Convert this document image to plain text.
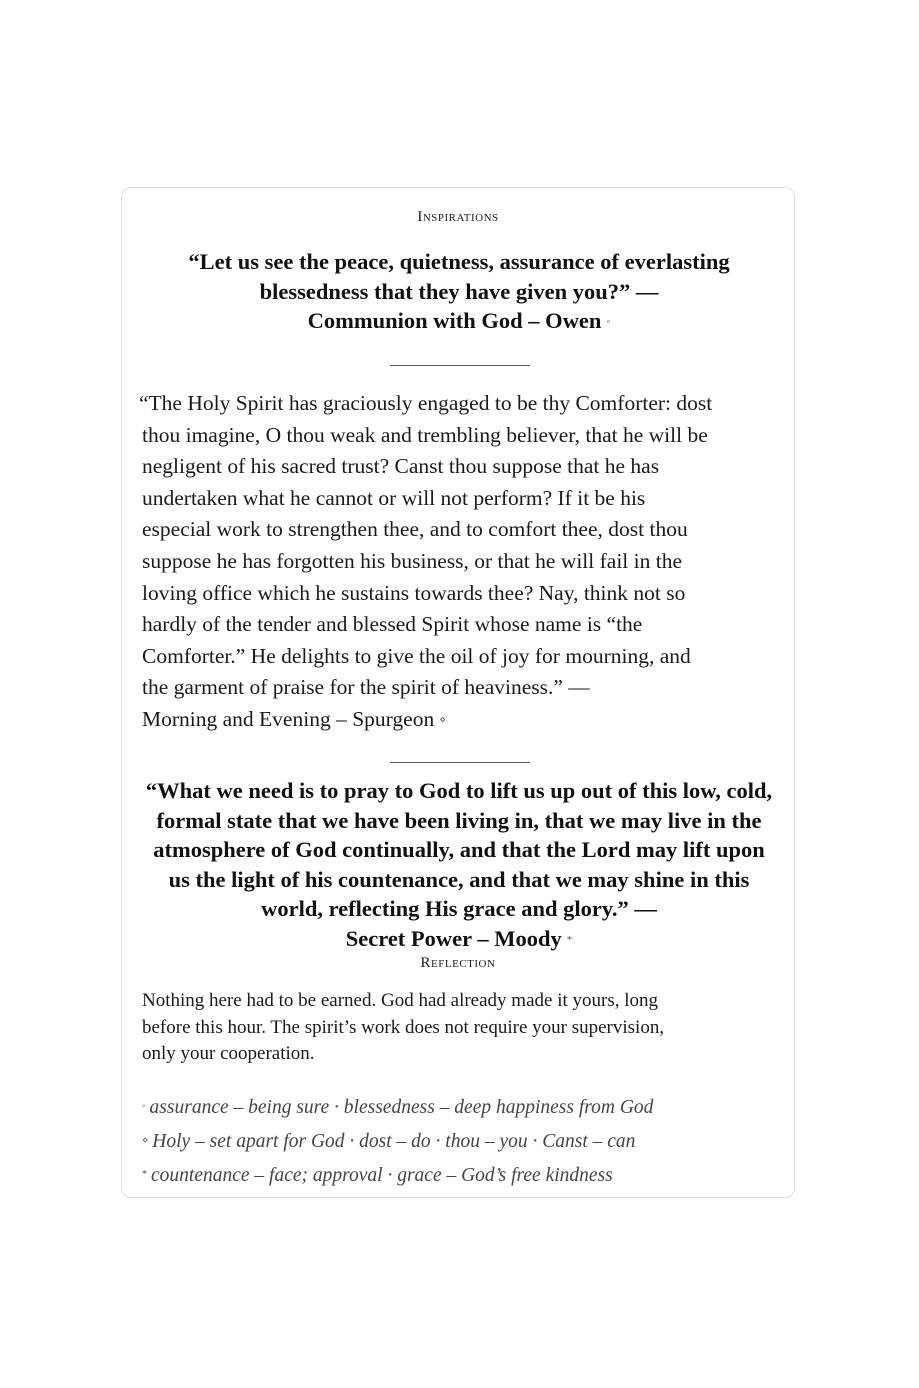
Inspirations
“Let us see the peace, quietness, assurance of everlasting blessedness that they have given you?” —
Communion with God – Owen ◦
“The Holy Spirit has graciously engaged to be thy Comforter: dost
thou imagine, O thou weak and trembling believer, that he will be
negligent of his sacred trust? Canst thou suppose that he has
undertaken what he cannot or will not perform? If it be his
especial work to strengthen thee, and to comfort thee, dost thou
suppose he has forgotten his business, or that he will fail in the
loving office which he sustains towards thee? Nay, think not so
hardly of the tender and blessed Spirit whose name is “the
Comforter.” He delights to give the oil of joy for mourning, and
the garment of praise for the spirit of heaviness.” —
Morning and Evening – Spurgeon ⋄
“What we need is to pray to God to lift us up out of this low, cold, formal state that we have been living in, that we may live in the atmosphere of God continually, and that the Lord may lift upon us the light of his countenance, and that we may shine in this world, reflecting His grace and glory.” —
Secret Power – Moody *
Reflection
Nothing here had to be earned. God had already made it yours, long
before this hour. The spirit’s work does not require your supervision,
only your cooperation.
◦ assurance – being sure · blessedness – deep happiness from God
⋄ Holy – set apart for God · dost – do · thou – you · Canst – can
* countenance – face; approval · grace – God’s free kindness
